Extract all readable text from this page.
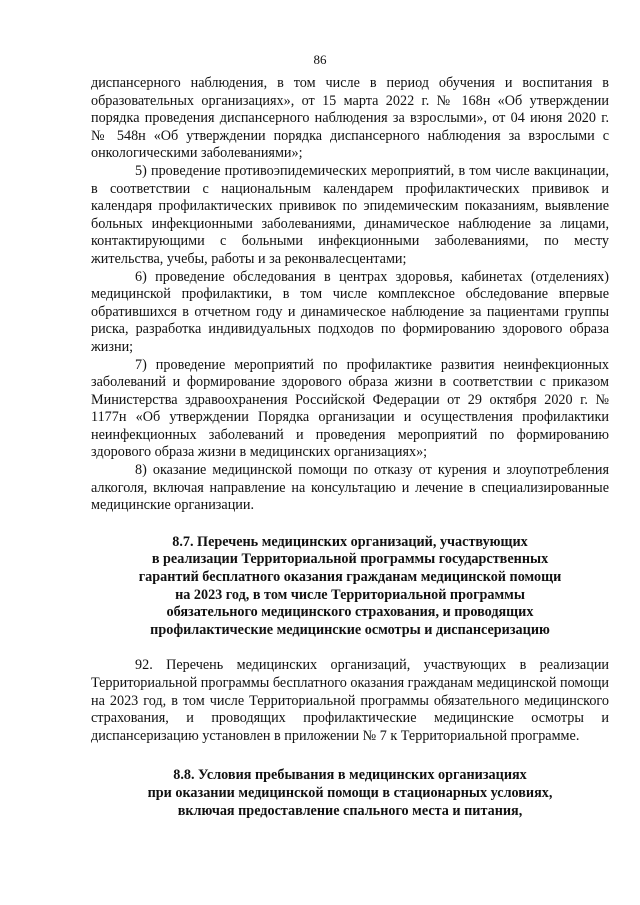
86

диспансерного наблюдения, в том числе в период обучения и воспитания в образовательных организациях», от 15 марта 2022 г. № 168н «Об утверждении порядка проведения диспансерного наблюдения за взрослыми», от 04 июня 2020 г. № 548н «Об утверждении порядка диспансерного наблюдения за взрослыми с онкологическими заболеваниями»;

5) проведение противоэпидемических мероприятий, в том числе вакцинации, в соответствии с национальным календарем профилактических прививок и календаря профилактических прививок по эпидемическим показаниям, выявление больных инфекционными заболеваниями, динамическое наблюдение за лицами, контактирующими с больными инфекционными заболеваниями, по месту жительства, учебы, работы и за реконвалесцентами;

6) проведение обследования в центрах здоровья, кабинетах (отделениях) медицинской профилактики, в том числе комплексное обследование впервые обратившихся в отчетном году и динамическое наблюдение за пациентами группы риска, разработка индивидуальных подходов по формированию здорового образа жизни;

7) проведение мероприятий по профилактике развития неинфекционных заболеваний и формирование здорового образа жизни в соответствии с приказом Министерства здравоохранения Российской Федерации от 29 октября 2020 г. № 1177н «Об утверждении Порядка организации и осуществления профилактики неинфекционных заболеваний и проведения мероприятий по формированию здорового образа жизни в медицинских организациях»;

8) оказание медицинской помощи по отказу от курения и злоупотребления алкоголя, включая направление на консультацию и лечение в специализированные медицинские организации.

8.7. Перечень медицинских организаций, участвующих
в реализации Территориальной программы государственных
гарантий бесплатного оказания гражданам медицинской помощи
на 2023 год, в том числе Территориальной программы
обязательного медицинского страхования, и проводящих
профилактические медицинские осмотры и диспансеризацию

92. Перечень медицинских организаций, участвующих в реализации Территориальной программы бесплатного оказания гражданам медицинской помощи на 2023 год, в том числе Территориальной программы обязательного медицинского страхования, и проводящих профилактические медицинские осмотры и диспансеризацию установлен в приложении № 7 к Территориальной программе.

8.8. Условия пребывания в медицинских организациях
при оказании медицинской помощи в стационарных условиях,
включая предоставление спального места и питания,
